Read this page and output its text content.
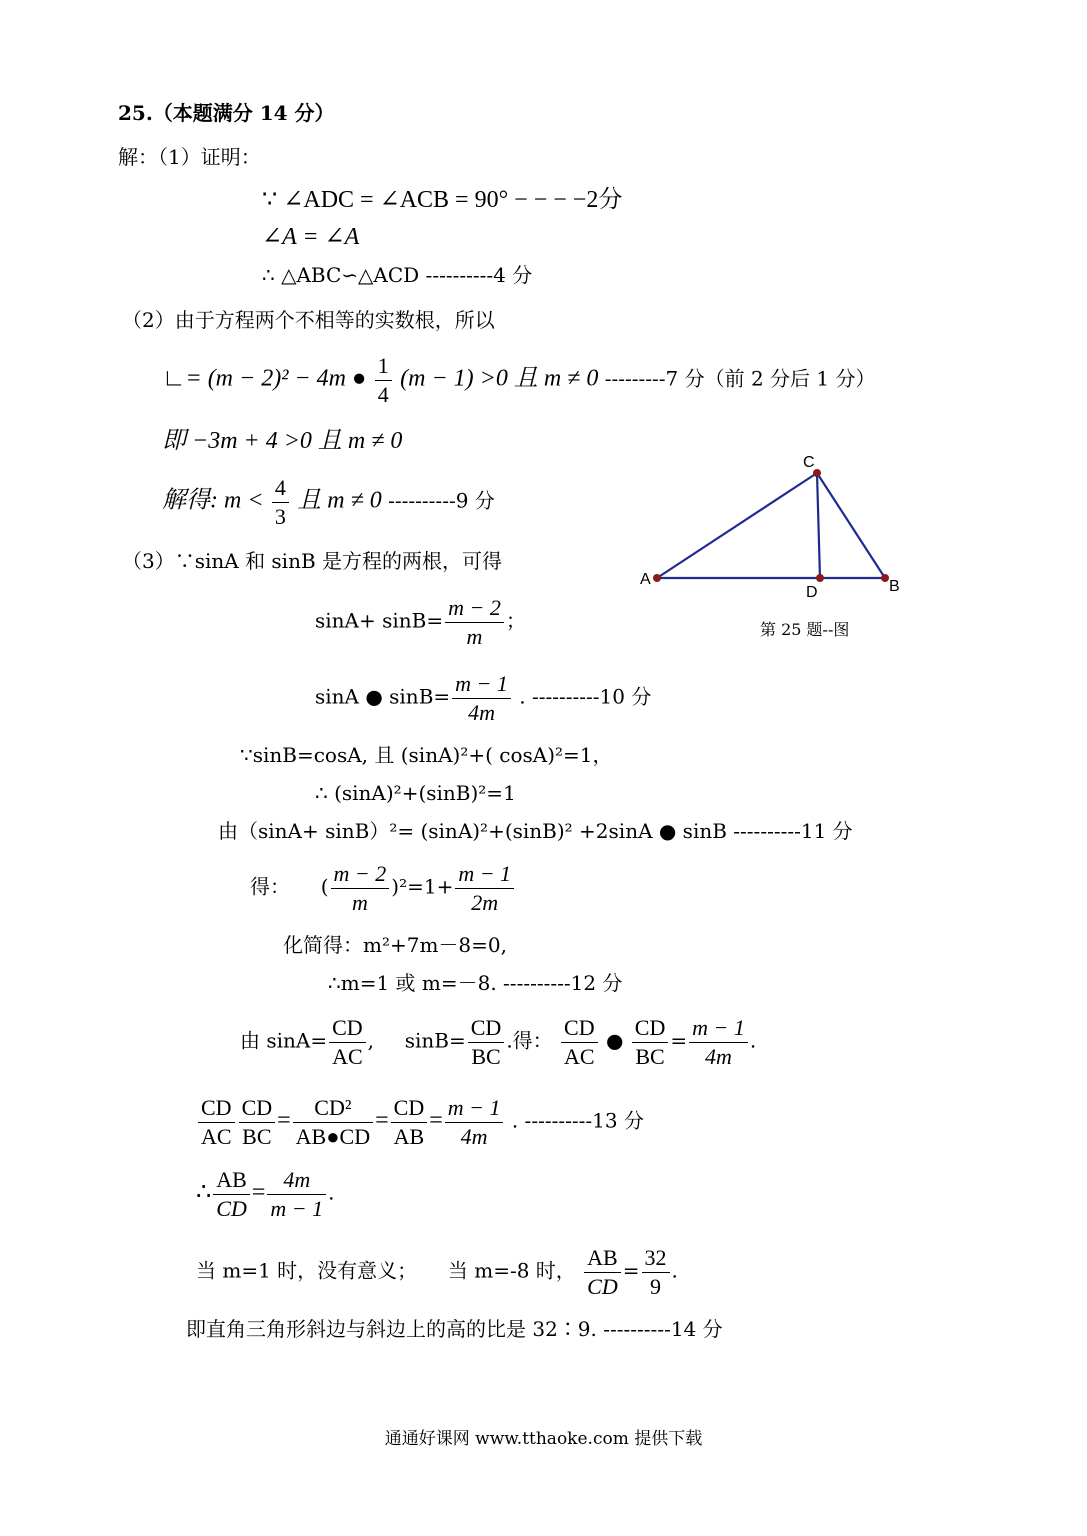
25.（本题满分 14 分）
解：（1）证明：
∵ ∠ADC = ∠ACB = 90° − − − −2分
∠A = ∠A
∴ △ABC∽△ACD ----------4 分
（2）由于方程两个不相等的实数根，所以
∟= (m − 2)² − 4m ● $\frac{1}{4} (m - 1) >0$ 且 m ≠ 0 ---------7 分（前 2 分后 1 分）
即 −3m + 4 >0 且 m ≠ 0
解得: $m < \frac{4}{3}$ 且 m ≠ 0 ----------9 分
（3）∵sinA 和 sinB 是方程的两根，可得
$\sin A+ \sin B= \frac{m - 2}{m}$ ；
sinA ● $\sin B= \frac{m - 1}{4m}$ . ----------10 分
∵sinB=cosA, 且 (sinA)²+( cosA)²=1，
∴ (sinA)²+(sinB)²=1
由（sinA+ sinB）²= (sinA)²+(sinB)² +2sinA ● sinB ----------11 分
得： ( $\frac{m - 2}{m} )^2=1+ \frac{m - 1}{2m}$
化简得：m²+7m－8=0,
∴m=1 或 m=－8. ----------12 分
由 $\sin A= \frac{CD}{AC}$ , $\sin B= \frac{CD}{BC}$ .得： $\frac{CD}{AC}$ ● $\frac{CD}{BC} = \frac{m - 1}{4m}$ .
$\frac{CD}{AC} \frac{CD}{BC} = \frac{\text{CD²}}{AB●CD} = \frac{CD}{AB} = \frac{m - 1}{4m}$ . ----------13 分
∴ $\frac{AB}{CD} = \frac{4m}{m - 1}$ .
当 m=1 时，没有意义； 当 m=-8 时， $\frac{AB}{CD} = \frac{32}{9}$ .
即直角三角形斜边与斜边上的高的比是 32∶9. ----------14 分
C
A
D	B
第 25 题--图
通通好课网 www.tthaoke.com 提供下载
